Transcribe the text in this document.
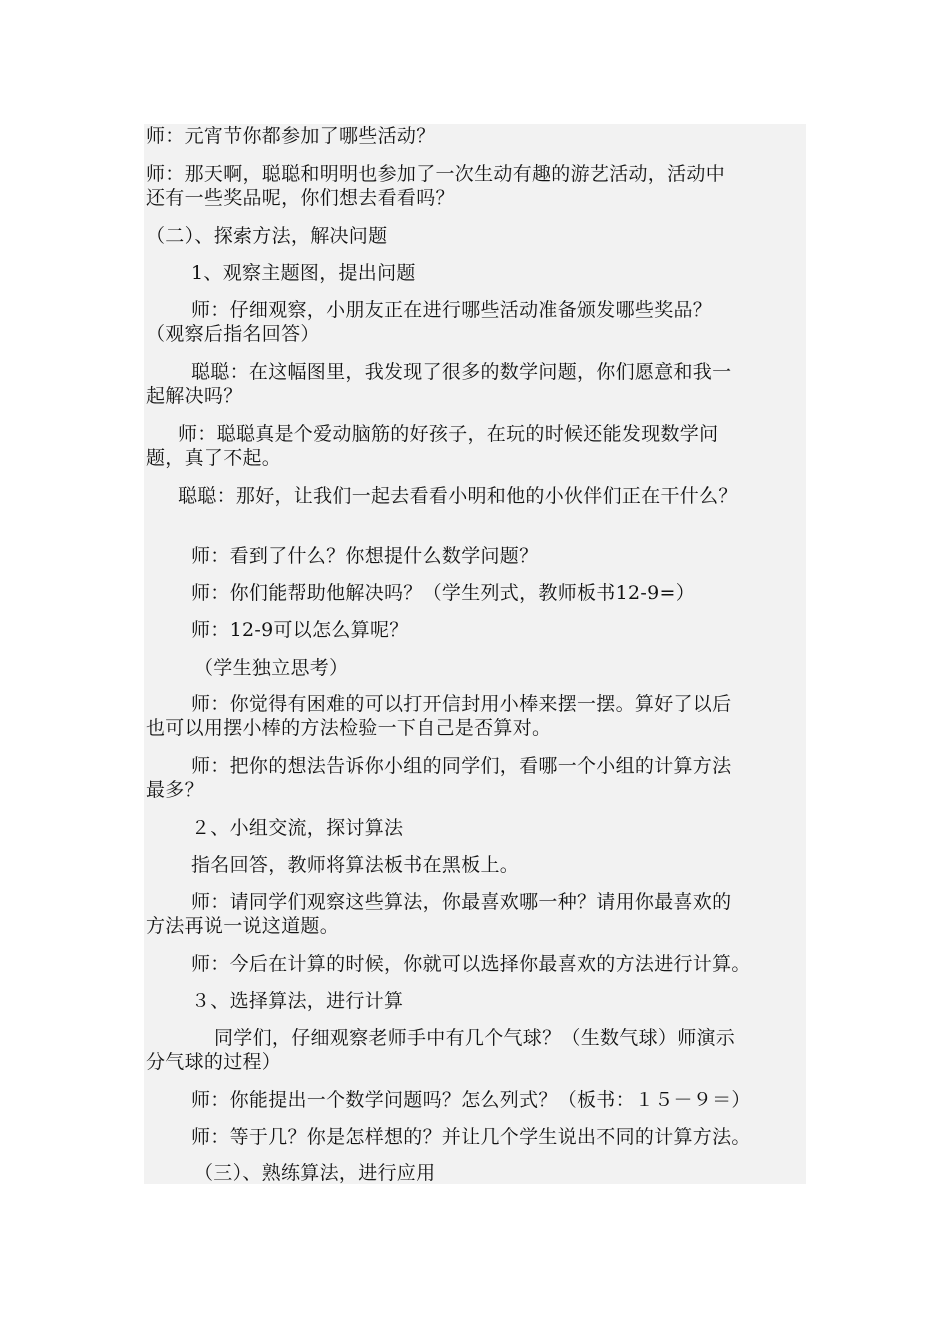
师：元宵节你都参加了哪些活动？
师：那天啊，聪聪和明明也参加了一次生动有趣的游艺活动，活动中
还有一些奖品呢，你们想去看看吗？
（二）、探索方法，解决问题
1、观察主题图，提出问题
师：仔细观察，小朋友正在进行哪些活动准备颁发哪些奖品？
（观察后指名回答）
聪聪：在这幅图里，我发现了很多的数学问题，你们愿意和我一
起解决吗？
师：聪聪真是个爱动脑筋的好孩子，在玩的时候还能发现数学问
题，真了不起。
聪聪：那好，让我们一起去看看小明和他的小伙伴们正在干什么？
师：看到了什么？你想提什么数学问题？
师：你们能帮助他解决吗？（学生列式，教师板书12-9=）
师：12-9可以怎么算呢？
（学生独立思考）
师：你觉得有困难的可以打开信封用小棒来摆一摆。算好了以后
也可以用摆小棒的方法检验一下自己是否算对。
师：把你的想法告诉你小组的同学们，看哪一个小组的计算方法
最多？
２、小组交流，探讨算法
指名回答，教师将算法板书在黑板上。
师：请同学们观察这些算法，你最喜欢哪一种？请用你最喜欢的
方法再说一说这道题。
师：今后在计算的时候，你就可以选择你最喜欢的方法进行计算。
３、选择算法，进行计算
同学们，仔细观察老师手中有几个气球？（生数气球）师演示
分气球的过程）
师：你能提出一个数学问题吗？怎么列式？（板书：１５－９＝）
师：等于几？你是怎样想的？并让几个学生说出不同的计算方法。
（三）、熟练算法，进行应用
